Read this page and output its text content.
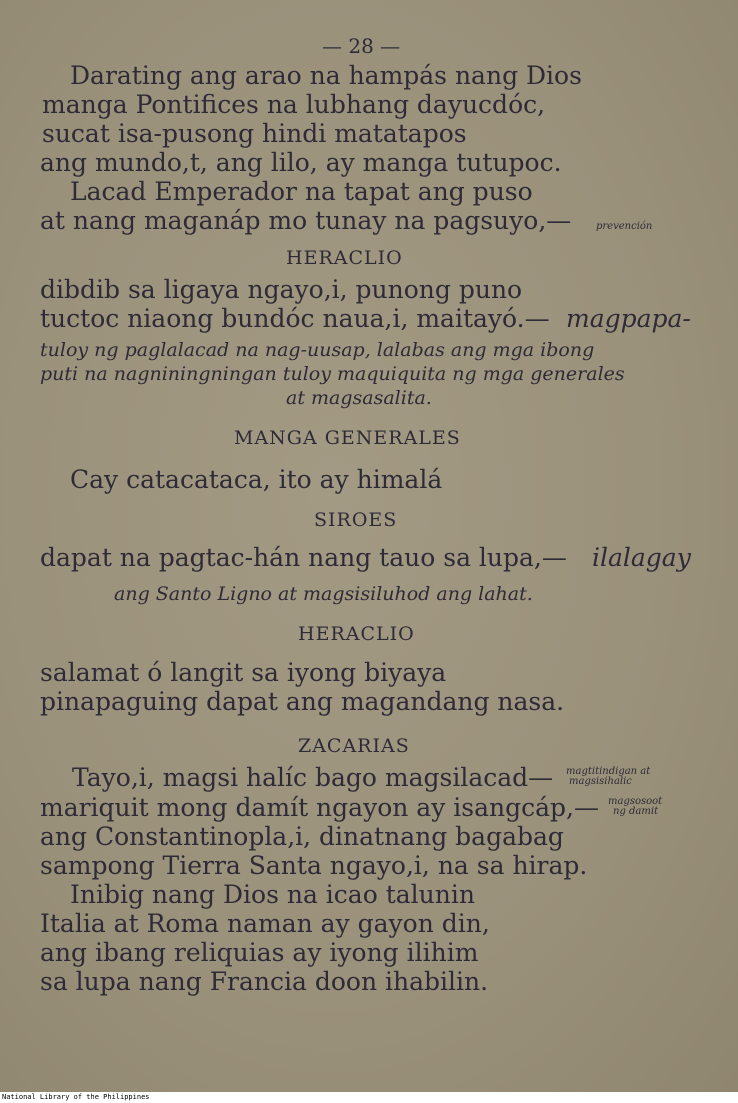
— 28 —
Darating ang arao na hampás nang Dios
manga Pontifices na lubhang dayucdóc,
sucat isa-pusong hindi matatapos
ang mundo,t, ang lilo, ay manga tutupoc.
Lacad Emperador na tapat ang puso
at nang maganáp mo tunay na pagsuyo,— prevención
HERACLIO
dibdib sa ligaya ngayo,i, punong puno
tuctoc niaong bundóc naua,i, maitayó.— magpapa-
tuloy ng paglalacad na nag-uusap, lalabas ang mga ibong
puti na nagniningningan tuloy maquiquita ng mga generales
at magsasalita.
MANGA GENERALES
Cay catacataca, ito ay himalá
SIROES
dapat na pagtac-hán nang tauo sa lupa,— ilalagay
ang Santo Ligno at magsisiluhod ang lahat.
HERACLIO
salamat ó langit sa iyong biyaya
pinapaguing dapat ang magandang nasa.
ZACARIAS
Tayo,i, magsi halíc bago magsilacad— magtitindigan at
magsisihalic
mariquit mong damít ngayon ay isangcáp,— magsosoot
ng damit
ang Constantinopla,i, dinatnang bagabag
sampong Tierra Santa ngayo,i, na sa hirap.
Inibig nang Dios na icao talunin
Italia at Roma naman ay gayon din,
ang ibang reliquias ay iyong ilihim
sa lupa nang Francia doon ihabilin.
National Library of the Philippines
